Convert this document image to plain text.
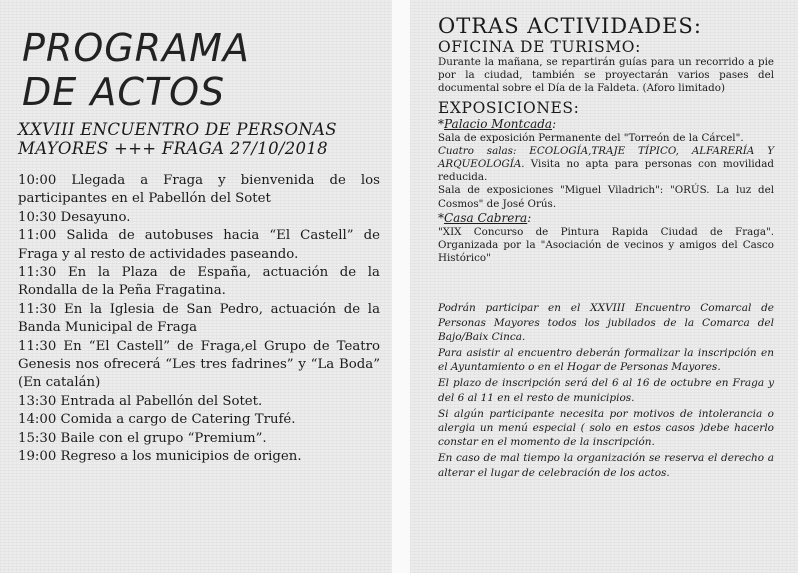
PROGRAMA
DE ACTOS
XXVIII ENCUENTRO DE PERSONAS
MAYORES +++ FRAGA 27/10/2018
10:00 Llegada a Fraga y bienvenida de los participantes en el Pabellón del Sotet
10:30 Desayuno.
11:00 Salida de autobuses hacia “El Castell” de Fraga y al resto de actividades paseando.
11:30 En la Plaza de España, actuación de la Rondalla de la Peña Fragatina.
11:30 En la Iglesia de San Pedro, actuación de la Banda Municipal de Fraga
11:30 En “El Castell” de Fraga,el Grupo de Teatro Genesis nos ofrecerá “Les tres fadrines” y “La Boda” (En catalán)
13:30 Entrada al Pabellón del Sotet.
14:00 Comida a cargo de Catering Trufé.
15:30 Baile con el grupo “Premium”.
19:00 Regreso a los municipios de origen.
OTRAS ACTIVIDADES:
OFICINA DE TURISMO:
Durante la mañana, se repartirán guías para un recorrido a pie por la ciudad, también se proyectarán varios pases del documental sobre el Día de la Faldeta. (Aforo limitado)
EXPOSICIONES:
*Palacio Montcada:
Sala de exposición Permanente del "Torreón de la Cárcel".
Cuatro salas: ECOLOGÍA,TRAJE TÍPICO, ALFARERÍA Y ARQUEOLOGÍA. Visita no apta para personas con movilidad reducida.
Sala de exposiciones "Miguel Viladrich": "ORÚS. La luz del Cosmos" de José Orús.
*Casa Cabrera:
"XIX Concurso de Pintura Rapida Ciudad de Fraga". Organizada por la "Asociación de vecinos y amigos del Casco Histórico"

Podrán participar en el XXVIII Encuentro Comarcal de Personas Mayores todos los jubilados de la Comarca del Bajo/Baix Cinca.

Para asistir al encuentro deberán formalizar la inscripción en el Ayuntamiento o en el Hogar de Personas Mayores.

El plazo de inscripción será del 6 al 16 de octubre en Fraga y del 6 al 11 en el resto de municipios.

Si algún participante necesita por motivos de intolerancia o alergia un menú especial ( solo en estos casos )debe hacerlo constar en el momento de la inscripción.

En caso de mal tiempo la organización se reserva el derecho a alterar el lugar de celebración de los actos.
